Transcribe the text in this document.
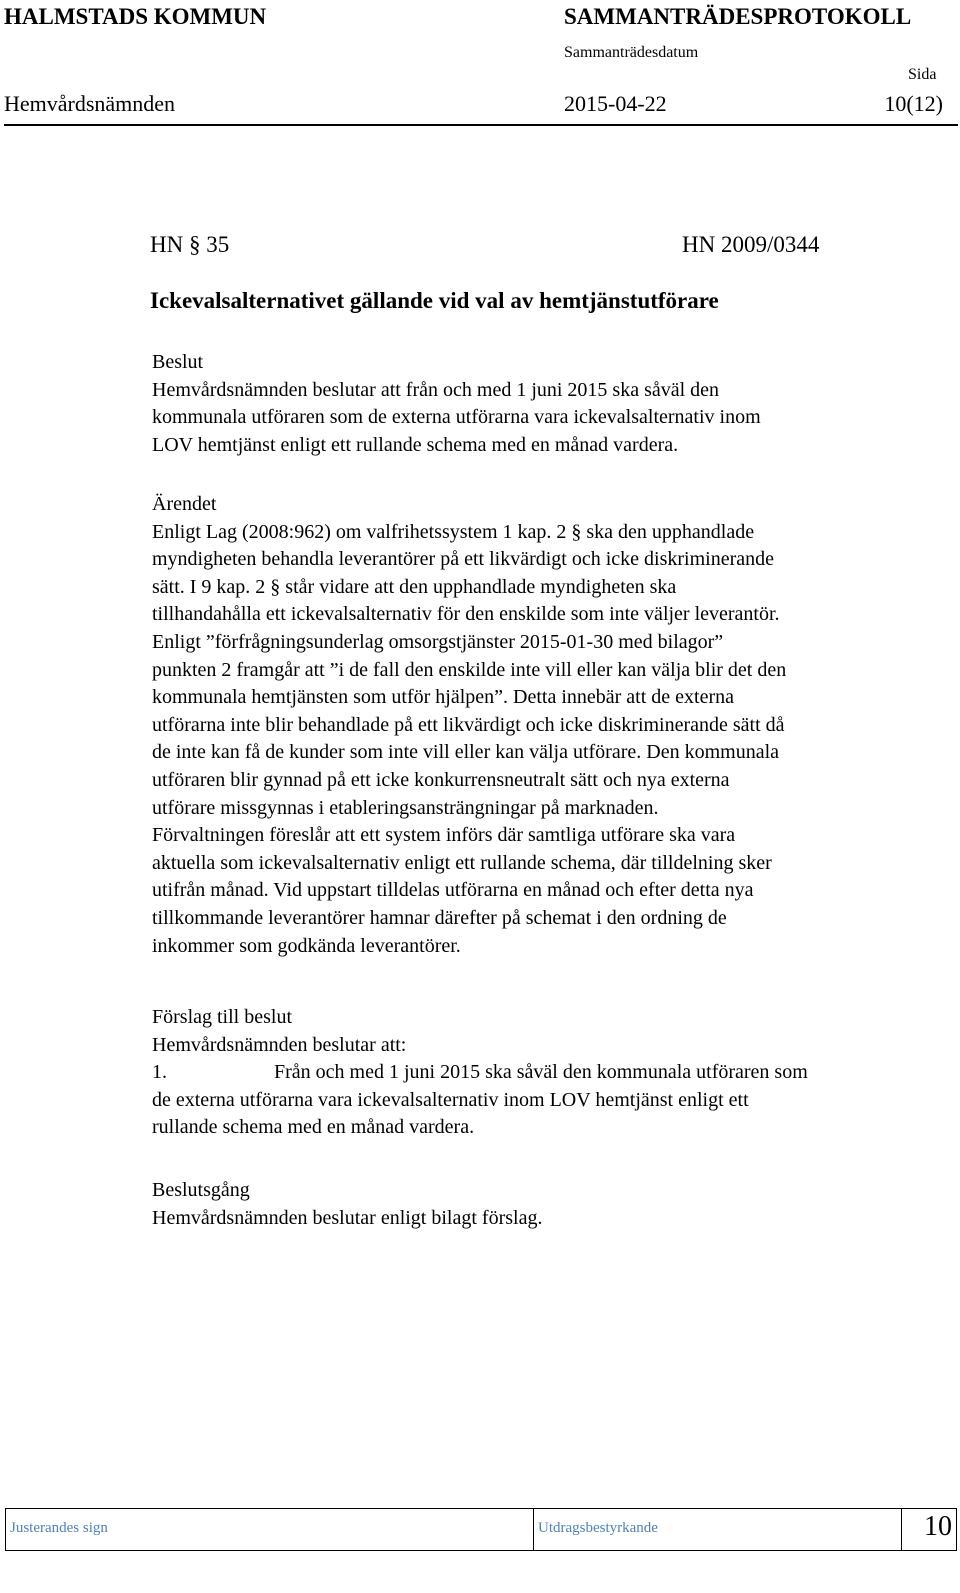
HALMSTADS KOMMUN	SAMMANTRÄDESPROTOKOLL
Sammanträdesdatum
Sida
Hemvårdsnämnden	2015-04-22	10(12)
HN § 35	HN 2009/0344
Ickevalsalternativet gällande vid val av hemtjänstutförare
Beslut
Hemvårdsnämnden beslutar att från och med 1 juni 2015 ska såväl den
kommunala utföraren som de externa utförarna vara ickevalsalternativ inom
LOV hemtjänst enligt ett rullande schema med en månad vardera.
Ärendet
Enligt Lag (2008:962) om valfrihetssystem 1 kap. 2 § ska den upphandlade
myndigheten behandla leverantörer på ett likvärdigt och icke diskriminerande
sätt. I 9 kap. 2 § står vidare att den upphandlade myndigheten ska
tillhandahålla ett ickevalsalternativ för den enskilde som inte väljer leverantör.
Enligt ”förfrågningsunderlag omsorgstjänster 2015-01-30 med bilagor”
punkten 2 framgår att ”i de fall den enskilde inte vill eller kan välja blir det den
kommunala hemtjänsten som utför hjälpen”. Detta innebär att de externa
utförarna inte blir behandlade på ett likvärdigt och icke diskriminerande sätt då
de inte kan få de kunder som inte vill eller kan välja utförare. Den kommunala
utföraren blir gynnad på ett icke konkurrensneutralt sätt och nya externa
utförare missgynnas i etableringsansträngningar på marknaden.
Förvaltningen föreslår att ett system införs där samtliga utförare ska vara
aktuella som ickevalsalternativ enligt ett rullande schema, där tilldelning sker
utifrån månad. Vid uppstart tilldelas utförarna en månad och efter detta nya
tillkommande leverantörer hamnar därefter på schemat i den ordning de
inkommer som godkända leverantörer.
Förslag till beslut
Hemvårdsnämnden beslutar att:
1.	Från och med 1 juni 2015 ska såväl den kommunala utföraren som
de externa utförarna vara ickevalsalternativ inom LOV hemtjänst enligt ett
rullande schema med en månad vardera.
Beslutsgång
Hemvårdsnämnden beslutar enligt bilagt förslag.
Justerandes sign	Utdragsbestyrkande	10
